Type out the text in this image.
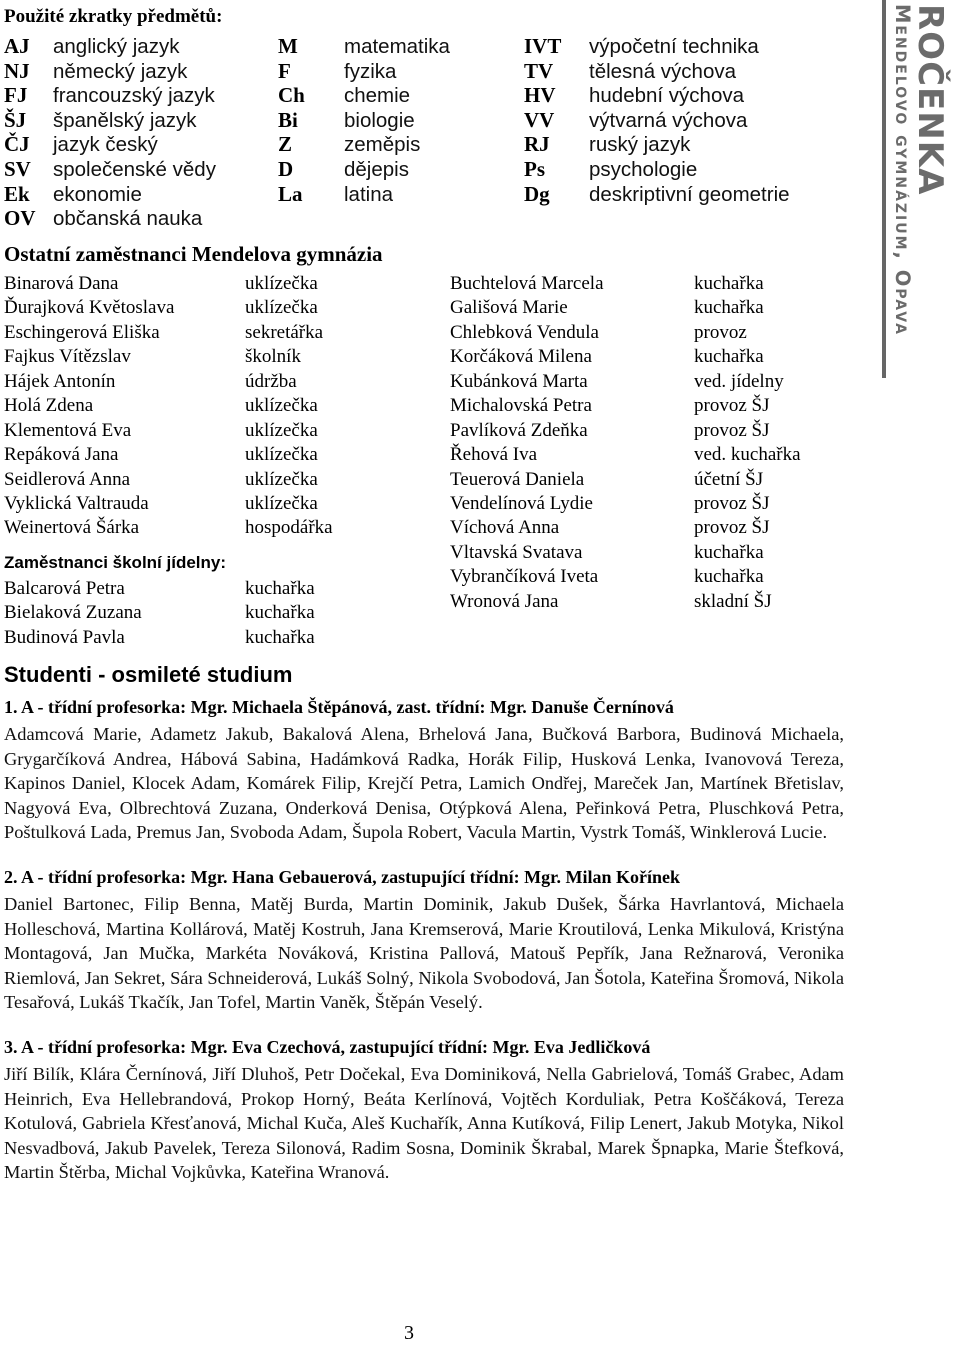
Použité zkratky předmětů:
AJ anglický jazyk
NJ německý jazyk
FJ francouzský jazyk
ŠJ španělský jazyk
ČJ jazyk český
SV společenské vědy
Ek ekonomie
OV občanská nauka
M matematika
F	fyzika
Ch chemie
Bi biologie
Z	zeměpis
D dějepis
La latina
IVT výpočetní technika
TV tělesná výchova
HV hudební výchova
VV výtvarná výchova
RJ ruský jazyk
Ps psychologie
Dg deskriptivní geometrie
Ostatní zaměstnanci Mendelova gymnázia
Binarová Dana	uklízečka
Ďurajková Květoslava	uklízečka
Eschingerová Eliška	sekretářka
Fajkus Vítězslav	školník
Hájek Antonín	údržba
Holá Zdena	uklízečka
Klementová Eva	uklízečka
Repáková Jana	uklízečka
Seidlerová Anna	uklízečka
Vyklická Valtrauda	uklízečka
Weinertová Šárka	hospodářka
Buchtelová Marcela	kuchařka
Gališová Marie	kuchařka
Chlebková Vendula	provoz
Korčáková Milena	kuchařka
Kubánková Marta	ved. jídelny
Michalovská Petra	provoz ŠJ
Pavlíková Zdeňka	provoz ŠJ
Řehová Iva	ved. kuchařka
Teuerová Daniela	účetní ŠJ
Vendelínová Lydie	provoz ŠJ
Víchová Anna	provoz ŠJ
Vltavská Svatava	kuchařka
Vybrančíková Iveta	kuchařka
Wronová Jana	skladní ŠJ
Zaměstnanci školní jídelny:
Balcarová Petra	kuchařka
Bielaková Zuzana	kuchařka
Budinová Pavla	kuchařka
Studenti - osmileté studium
1. A - třídní profesorka: Mgr. Michaela Štěpánová, zast. třídní: Mgr. Danuše Černínová
Adamcová Marie, Adametz Jakub, Bakalová Alena, Brhelová Jana, Bučková Barbora, Budinová Michaela, Grygarčíková Andrea, Hábová Sabina, Hadámková Radka, Horák Filip, Husková Lenka, Ivanovová Tereza, Kapinos Daniel, Klocek Adam, Komárek Filip, Krejčí Petra, Lamich Ondřej, Mareček Jan, Martínek Břetislav, Nagyová Eva, Olbrechtová Zuzana, Onderková Denisa, Otýpková Alena, Peřinková Petra, Pluschková Petra, Poštulková Lada, Premus Jan, Svoboda Adam, Šupola Robert, Vacula Martin, Vystrk Tomáš, Winklerová Lucie.
2. A - třídní profesorka: Mgr. Hana Gebauerová, zastupující třídní: Mgr. Milan Kořínek
Daniel Bartonec, Filip Benna, Matěj Burda, Martin Dominik, Jakub Dušek, Šárka Havrlantová, Michaela Holleschová, Martina Kollárová, Matěj Kostruh, Jana Kremserová, Marie Kroutilová, Lenka Mikulová, Kristýna Montagová, Jan Mučka, Markéta Nováková, Kristina Pallová, Matouš Pepřík, Jana Režnarová, Veronika Riemlová, Jan Sekret, Sára Schneiderová, Lukáš Solný, Nikola Svobodová, Jan Šotola, Kateřina Šromová, Nikola Tesařová, Lukáš Tkačík, Jan Tofel, Martin Vaněk, Štěpán Veselý.
3. A - třídní profesorka: Mgr. Eva Czechová, zastupující třídní: Mgr. Eva Jedličková
Jiří Bilík, Klára Černínová, Jiří Dluhoš, Petr Dočekal, Eva Dominiková, Nella Gabrielová, Tomáš Grabec, Adam Heinrich, Eva Hellebrandová, Prokop Horný, Beáta Kerlínová, Vojtěch Korduliak, Petra Koščáková, Tereza Kotulová, Gabriela Křesťanová, Michal Kuča, Aleš Kuchařík, Anna Kutíková, Filip Lenert, Jakub Motyka, Nikol Nesvadbová, Jakub Pavelek, Tereza Silonová, Radim Sosna, Dominik Škrabal, Marek Špnapka, Marie Štefková, Martin Štěrba, Michal Vojkůvka, Kateřina Wranová.
ROČENKA
Mendelovo gymnázium, Opava
3
